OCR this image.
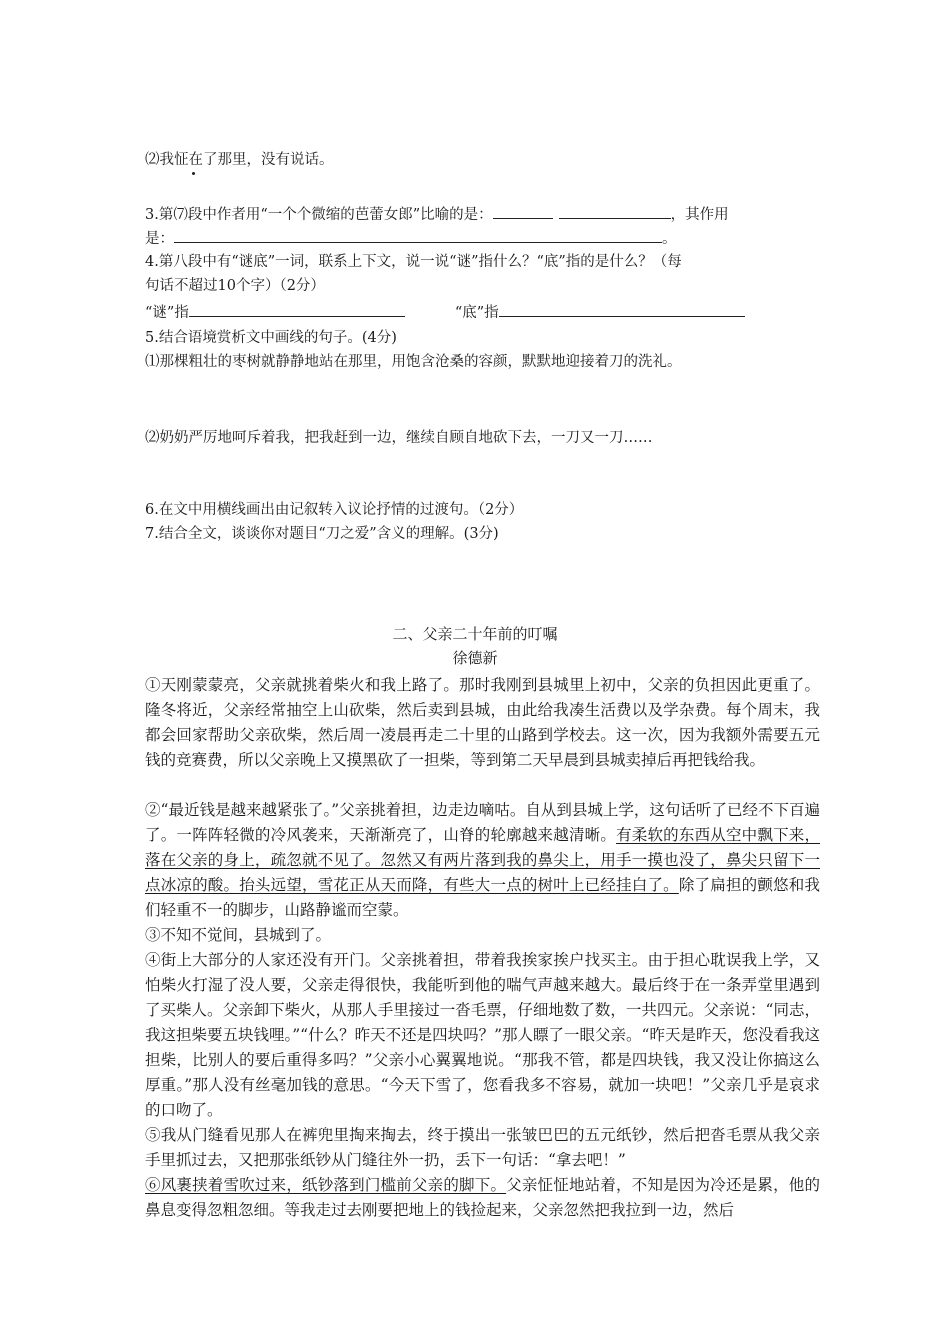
⑵我怔在了那里，没有说话。
3.第⑺段中作者用“一个个微缩的芭蕾女郎”比喻的是：	，其作用
是：	。
4.第八段中有“谜底”一词，联系上下文，说一说“谜”指什么？“底”指的是什么？（每
句话不超过10个字）（2分）
“谜”指	“底”指
5.结合语境赏析文中画线的句子。(4分)
⑴那棵粗壮的枣树就静静地站在那里，用饱含沧桑的容颜，默默地迎接着刀的洗礼。
⑵奶奶严厉地呵斥着我，把我赶到一边，继续自顾自地砍下去，一刀又一刀……
6.在文中用横线画出由记叙转入议论抒情的过渡句。（2分）
7.结合全文，谈谈你对题目“刀之爱”含义的理解。(3分)
二、父亲二十年前的叮嘱
徐德新
①天刚蒙蒙亮，父亲就挑着柴火和我上路了。那时我刚到县城里上初中，父亲的负担因此更重了。隆冬将近，父亲经常抽空上山砍柴，然后卖到县城，由此给我凑生活费以及学杂费。每个周末，我都会回家帮助父亲砍柴，然后周一凌晨再走二十里的山路到学校去。这一次，因为我额外需要五元钱的竞赛费，所以父亲晚上又摸黑砍了一担柴，等到第二天早晨到县城卖掉后再把钱给我。
②“最近钱是越来越紧张了。”父亲挑着担，边走边嘀咕。自从到县城上学，这句话听了已经不下百遍了。一阵阵轻微的冷风袭来，天渐渐亮了，山脊的轮廓越来越清晰。有柔软的东西从空中飘下来，落在父亲的身上，疏忽就不见了。忽然又有两片落到我的鼻尖上，用手一摸也没了，鼻尖只留下一点冰凉的酸。抬头远望，雪花正从天而降，有些大一点的树叶上已经挂白了。除了扁担的颤悠和我们轻重不一的脚步，山路静谧而空蒙。
③不知不觉间，县城到了。
④街上大部分的人家还没有开门。父亲挑着担，带着我挨家挨户找买主。由于担心耽误我上学，又怕柴火打湿了没人要，父亲走得很快，我能听到他的喘气声越来越大。最后终于在一条弄堂里遇到了买柴人。父亲卸下柴火，从那人手里接过一沓毛票，仔细地数了数，一共四元。父亲说：“同志，我这担柴要五块钱哩。”“什么？昨天不还是四块吗？”那人瞟了一眼父亲。“昨天是昨天，您没看我这担柴，比别人的要后重得多吗？”父亲小心翼翼地说。“那我不管，都是四块钱，我又没让你搞这么厚重。”那人没有丝毫加钱的意思。“今天下雪了，您看我多不容易，就加一块吧！”父亲几乎是哀求的口吻了。
⑤我从门缝看见那人在裤兜里掏来掏去，终于摸出一张皱巴巴的五元纸钞，然后把沓毛票从我父亲手里抓过去，又把那张纸钞从门缝往外一扔，丢下一句话：“拿去吧！”
⑥风裹挟着雪吹过来，纸钞落到门槛前父亲的脚下。父亲怔怔地站着，不知是因为冷还是累，他的鼻息变得忽粗忽细。等我走过去刚要把地上的钱捡起来，父亲忽然把我拉到一边，然后
